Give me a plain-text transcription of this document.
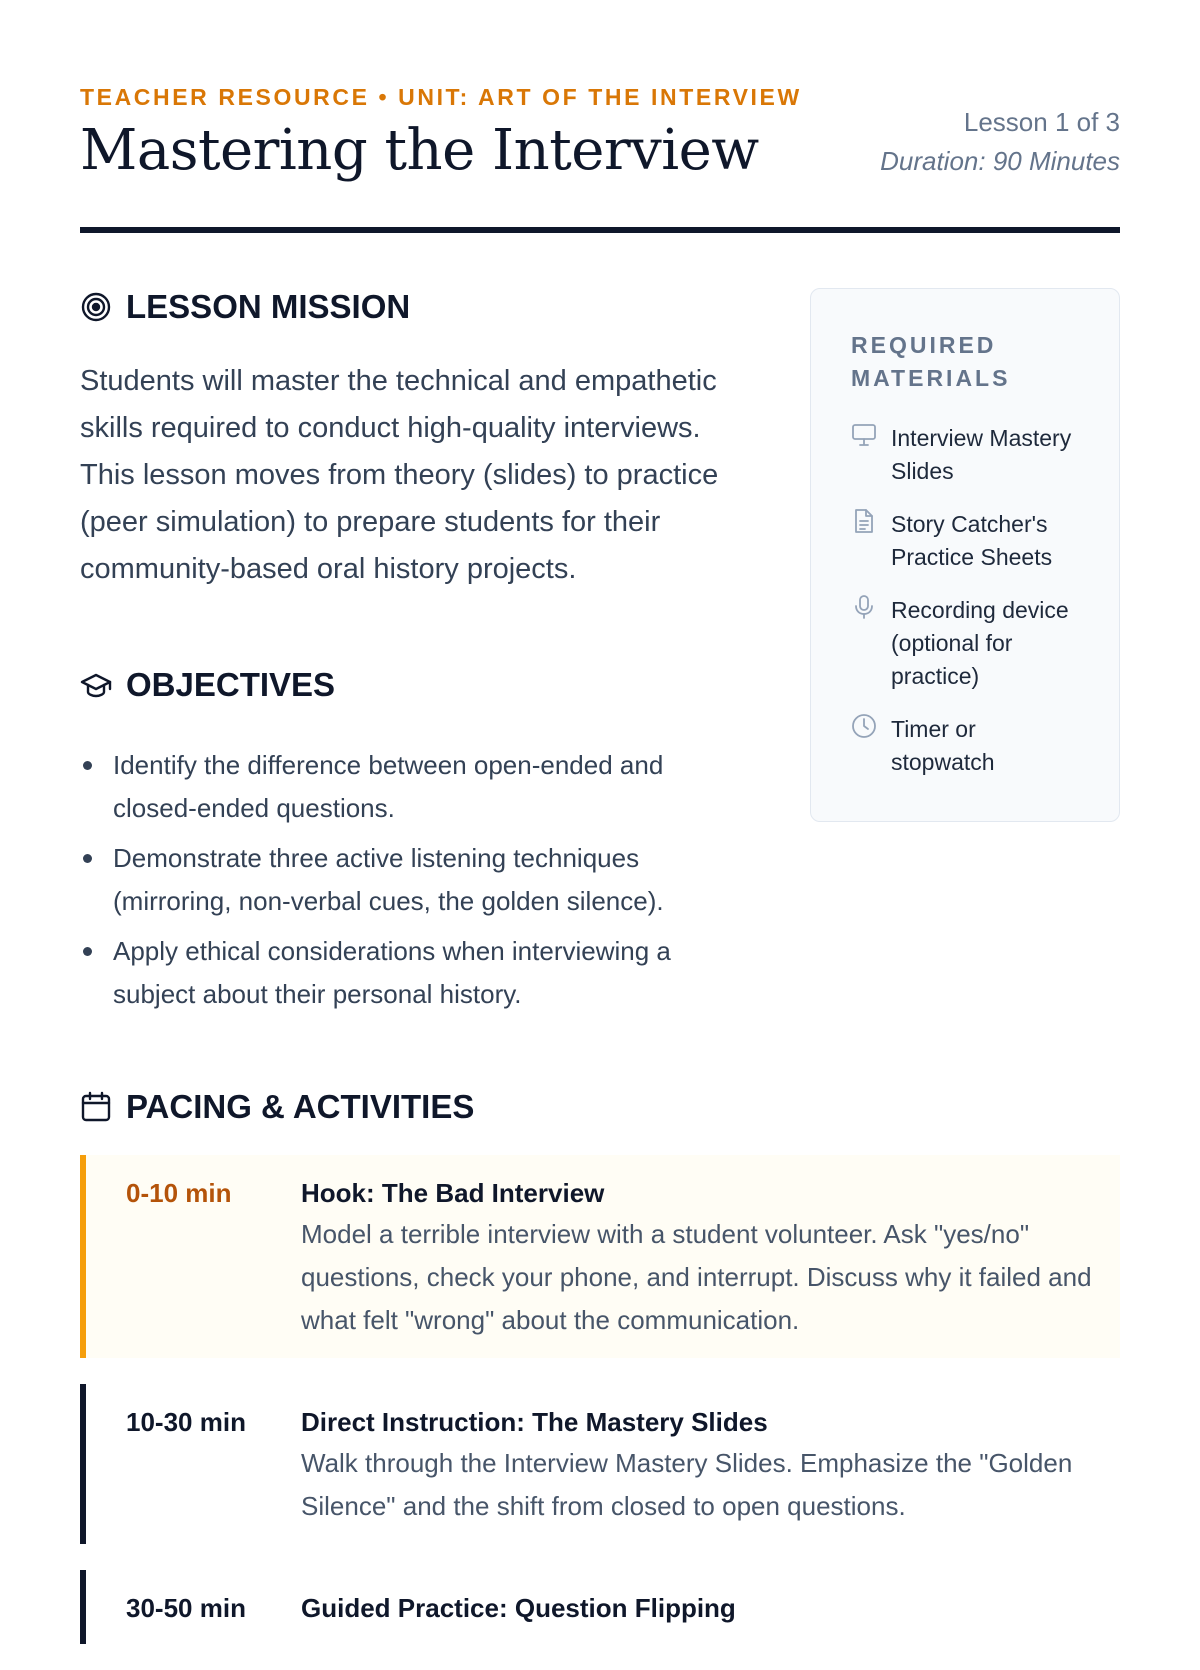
TEACHER RESOURCE • UNIT: ART OF THE INTERVIEW
Mastering the Interview	Lesson 1 of 3
Duration: 90 Minutes
LESSON MISSION

Students will master the technical and empathetic skills required to conduct high-quality interviews. This lesson moves from theory (slides) to practice (peer simulation) to prepare students for their community-based oral history projects.

OBJECTIVES
Identify the difference between open-ended and closed-ended questions.
Demonstrate three active listening techniques (mirroring, non-verbal cues, the golden silence).
Apply ethical considerations when interviewing a subject about their personal history.
REQUIRED MATERIALS
Interview Mastery Slides
Story Catcher's Practice Sheets
Recording device (optional for practice)
Timer or stopwatch
PACING & ACTIVITIES
0-10 min	Hook: The Bad Interview
Model a terrible interview with a student volunteer. Ask "yes/no" questions, check your phone, and interrupt. Discuss why it failed and what felt "wrong" about the communication.
10-30 min	Direct Instruction: The Mastery Slides
Walk through the Interview Mastery Slides. Emphasize the "Golden Silence" and the shift from closed to open questions.
30-50 min	Guided Practice: Question Flipping
